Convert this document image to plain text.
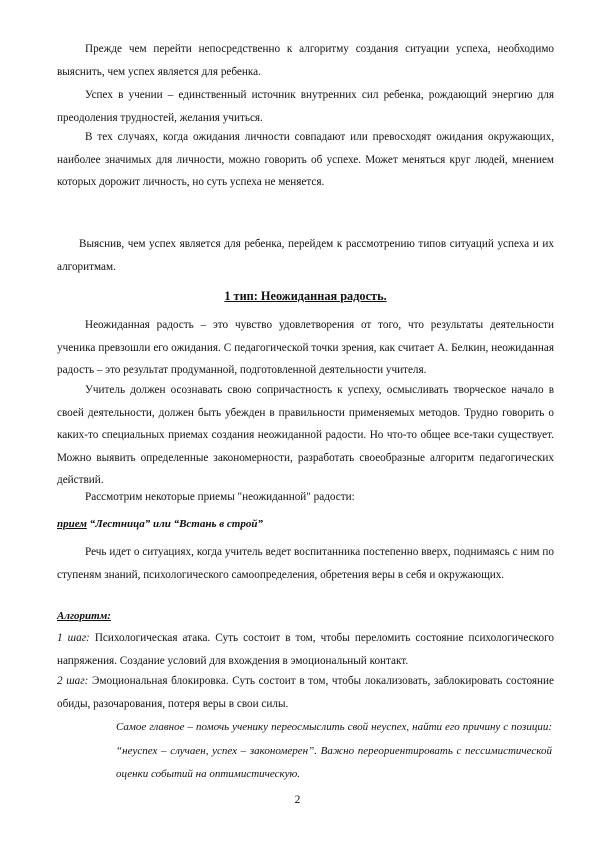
Прежде чем перейти непосредственно к алгоритму создания ситуации успеха, необходимо выяснить, чем успех является для ребенка.

Успех в учении – единственный источник внутренних сил ребенка, рождающий энергию для преодоления трудностей, желания учиться.

В тех случаях, когда ожидания личности совпадают или превосходят ожидания окружающих, наиболее значимых для личности, можно говорить об успехе. Может меняться круг людей, мнением которых дорожит личность, но суть успеха не меняется.

Выяснив, чем успех является для ребенка, перейдем к рассмотрению типов ситуаций успеха и их алгоритмам.

1 тип: Неожиданная радость.

Неожиданная радость – это чувство удовлетворения от того, что результаты деятельности ученика превзошли его ожидания. С педагогической точки зрения, как считает А. Белкин, неожиданная радость – это результат продуманной, подготовленной деятельности учителя.

Учитель должен осознавать свою сопричастность к успеху, осмысливать творческое начало в своей деятельности, должен быть убежден в правильности применяемых методов. Трудно говорить о каких-то специальных приемах создания неожиданной радости. Но что-то общее все-таки существует. Можно выявить определенные закономерности, разработать своеобразные алгоритм педагогических действий.

Рассмотрим некоторые приемы "неожиданной" радости:

прием “Лестница” или “Встань в строй”

Речь идет о ситуациях, когда учитель ведет воспитанника постепенно вверх, поднимаясь с ним по ступеням знаний, психологического самоопределения, обретения веры в себя и окружающих.

Алгоритм:

1 шаг: Психологическая атака. Суть состоит в том, чтобы переломить состояние психологического напряжения. Создание условий для вхождения в эмоциональный контакт.

2 шаг: Эмоциональная блокировка. Суть состоит в том, чтобы локализовать, заблокировать состояние обиды, разочарования, потеря веры в свои силы.

Самое главное – помочь ученику переосмыслить свой неуспех, найти его причину с позиции: “неуспех – случаен, успех – закономерен”. Важно переориентировать с пессимистической оценки событий на оптимистическую.

2
